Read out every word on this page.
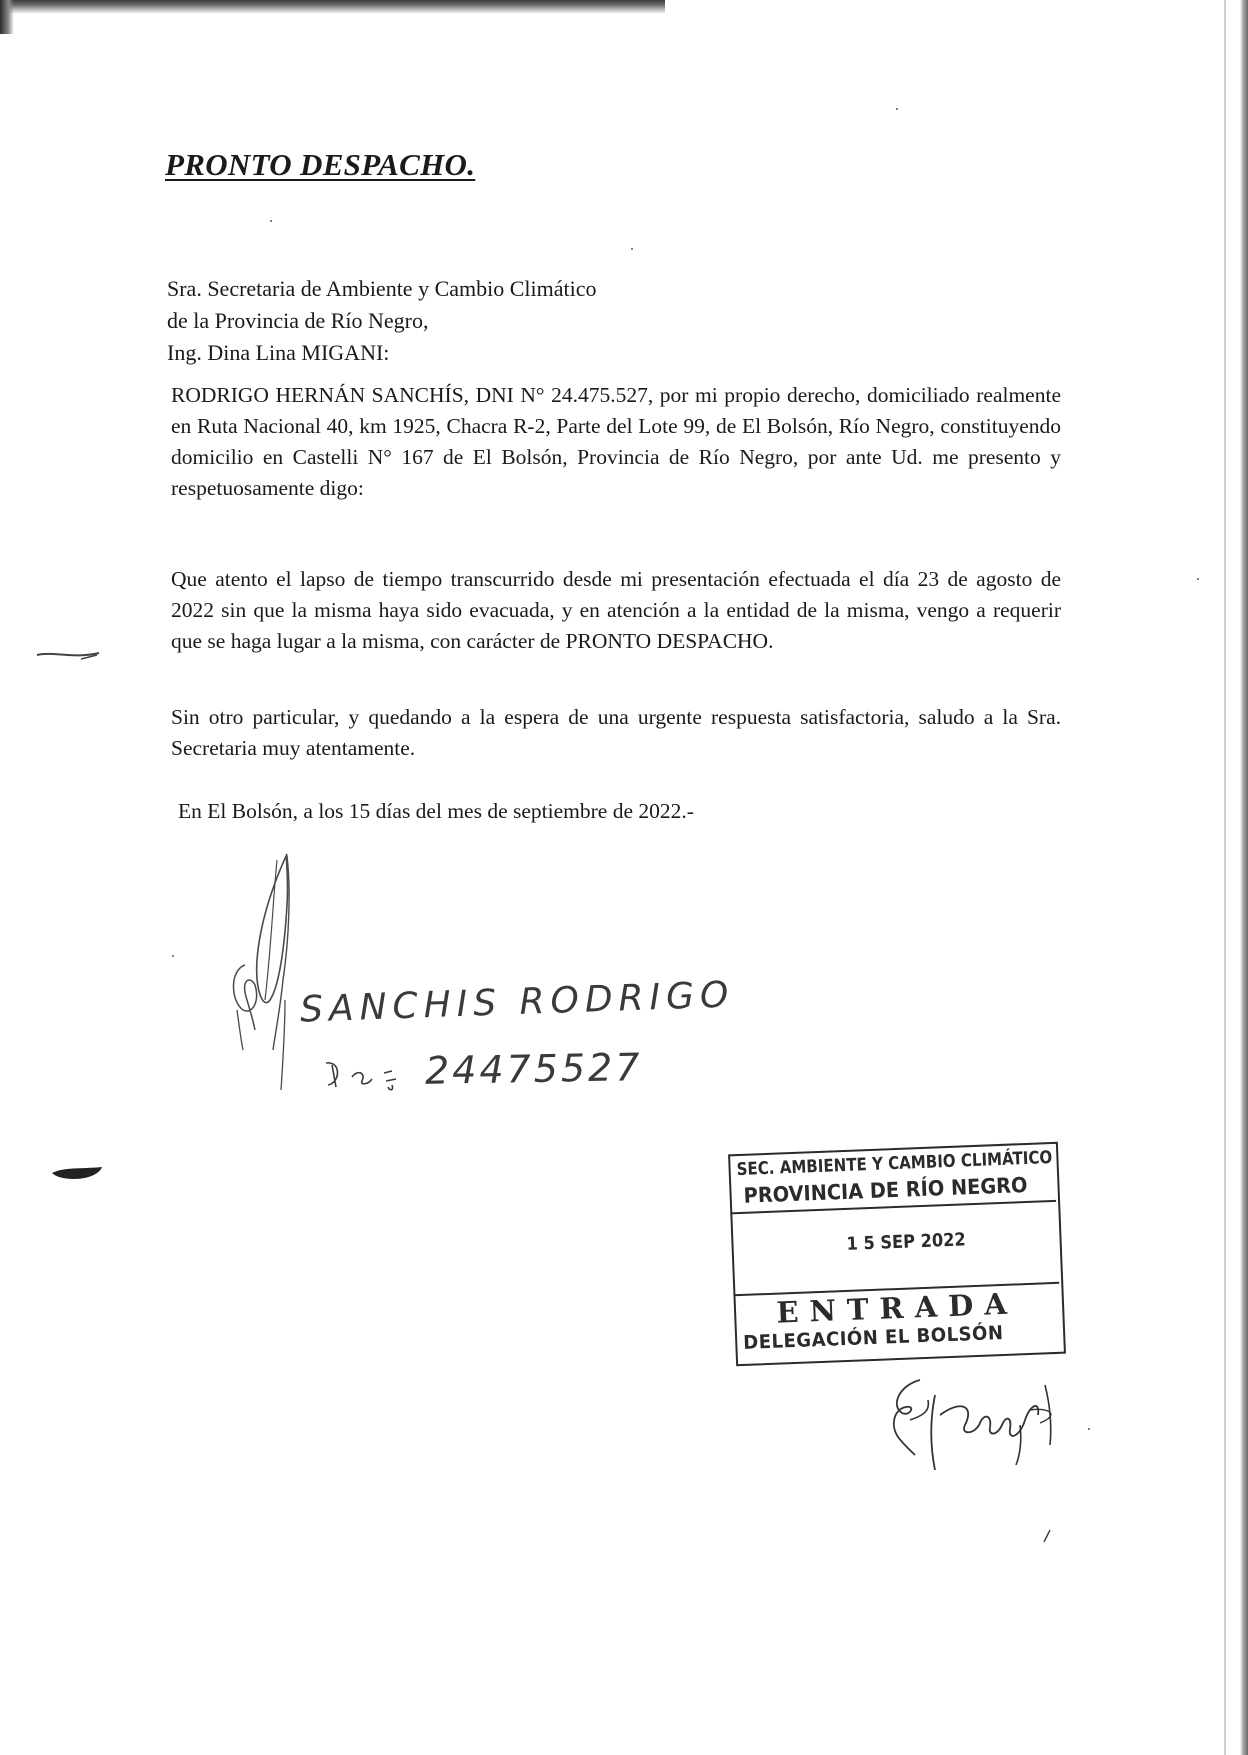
PRONTO DESPACHO.
Sra. Secretaria de Ambiente y Cambio Climático
de la Provincia de Río Negro,
Ing. Dina Lina MIGANI:

RODRIGO HERNÁN SANCHÍS, DNI N° 24.475.527, por mi propio derecho, domiciliado realmente en Ruta Nacional 40, km 1925, Chacra R-2, Parte del Lote 99, de El Bolsón, Río Negro, constituyendo domicilio en Castelli N° 167 de El Bolsón, Provincia de Río Negro, por ante Ud. me presento y respetuosamente digo:

Que atento el lapso de tiempo transcurrido desde mi presentación efectuada el día 23 de agosto de 2022 sin que la misma haya sido evacuada, y en atención a la entidad de la misma, vengo a requerir que se haga lugar a la misma, con carácter de PRONTO DESPACHO.

Sin otro particular, y quedando a la espera de una urgente respuesta satisfactoria, saludo a la Sra. Secretaria muy atentamente.

En El Bolsón, a los 15 días del mes de septiembre de 2022.-

SANCHIS RODRIGO
24475527
SEC. AMBIENTE Y CAMBIO CLIMÁTICO
PROVINCIA DE RÍO NEGRO
1 5 SEP 2022
ENTRADA
DELEGACIÓN EL BOLSÓN
